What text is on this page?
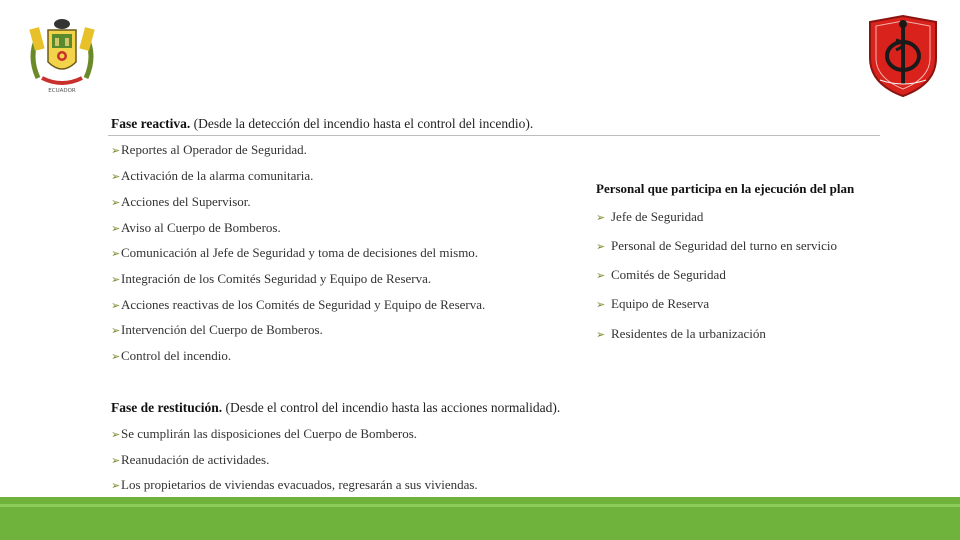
ECUADOR
Fase reactiva. (Desde la detección del incendio hasta el control del incendio).
➢Reportes al Operador de Seguridad.
➢Activación de la alarma comunitaria.
➢Acciones del Supervisor.
➢Aviso al Cuerpo de Bomberos.
➢Comunicación al Jefe de Seguridad y toma de decisiones del mismo.
➢Integración de los Comités Seguridad y Equipo de Reserva.
➢Acciones reactivas de los Comités de Seguridad y Equipo de Reserva.
➢Intervención del Cuerpo de Bomberos.
➢Control del incendio.
Fase de restitución. (Desde el control del incendio hasta las acciones normalidad).
➢Se cumplirán las disposiciones del Cuerpo de Bomberos.
➢Reanudación de actividades.
➢Los propietarios de viviendas evacuados, regresarán a sus viviendas.
Personal que participa en la ejecución del plan
➢ Jefe de Seguridad
➢ Personal de Seguridad del turno en servicio
➢ Comités de Seguridad
➢ Equipo de Reserva
➢ Residentes de la urbanización
